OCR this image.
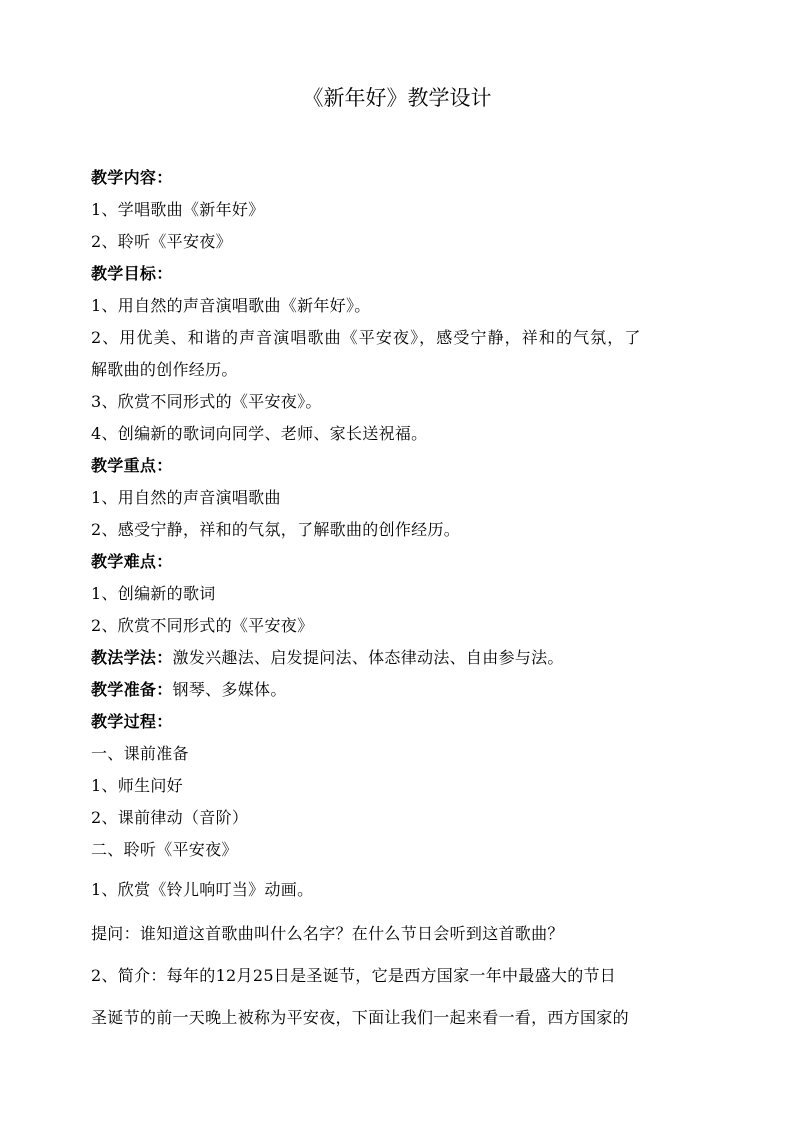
《新年好》教学设计
教学内容：
1、学唱歌曲《新年好》
2、聆听《平安夜》
教学目标：
1、用自然的声音演唱歌曲《新年好》。
2、用优美、和谐的声音演唱歌曲《平安夜》，感受宁静，祥和的气氛，了
解歌曲的创作经历。
3、欣赏不同形式的《平安夜》。
4、创编新的歌词向同学、老师、家长送祝福。
教学重点：
1、用自然的声音演唱歌曲
2、感受宁静，祥和的气氛，了解歌曲的创作经历。
教学难点：
1、创编新的歌词
2、欣赏不同形式的《平安夜》
教法学法：激发兴趣法、启发提问法、体态律动法、自由参与法。
教学准备：钢琴、多媒体。
教学过程：
一、课前准备
1、师生问好
2、课前律动（音阶）
二、聆听《平安夜》
1、欣赏《铃儿响叮当》动画。
提问：谁知道这首歌曲叫什么名字？在什么节日会听到这首歌曲？
2、简介：每年的12月25日是圣诞节，它是西方国家一年中最盛大的节日
圣诞节的前一天晚上被称为平安夜，下面让我们一起来看一看，西方国家的
